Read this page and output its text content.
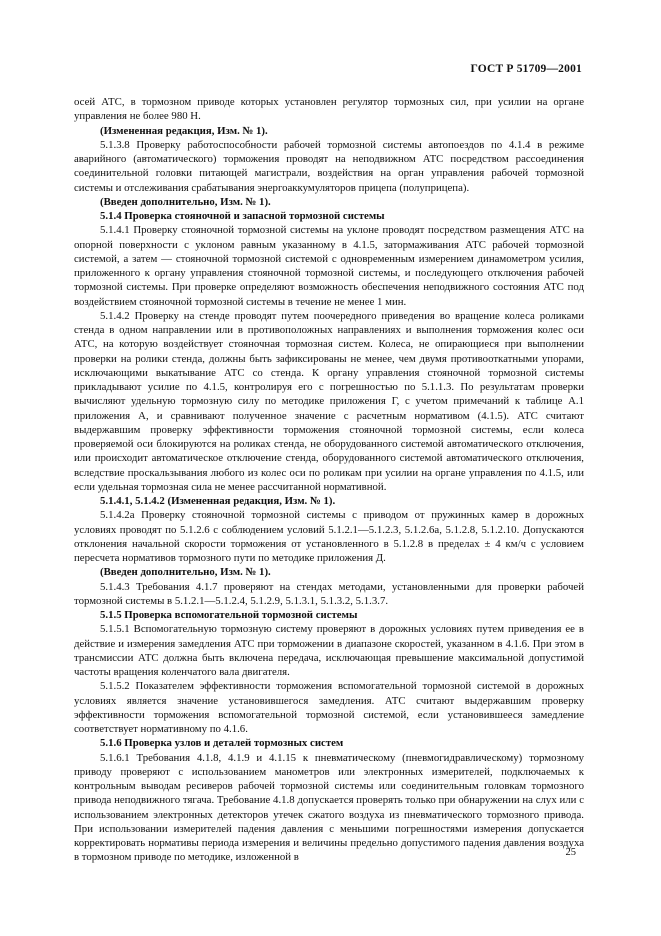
ГОСТ Р 51709—2001

осей АТС, в тормозном приводе которых установлен регулятор тормозных сил, при усилии на органе управления не более 980 Н.

(Измененная редакция, Изм. № 1).

5.1.3.8 Проверку работоспособности рабочей тормозной системы автопоездов по 4.1.4 в режиме аварийного (автоматического) торможения проводят на неподвижном АТС посредством рассоединения соединительной головки питающей магистрали, воздействия на орган управления рабочей тормозной системы и отслеживания срабатывания энергоаккумуляторов прицепа (полуприцепа).

(Введен дополнительно, Изм. № 1).

5.1.4 Проверка стояночной и запасной тормозной системы

5.1.4.1 Проверку стояночной тормозной системы на уклоне проводят посредством размещения АТС на опорной поверхности с уклоном равным указанному в 4.1.5, затормаживания АТС рабочей тормозной системой, а затем — стояночной тормозной системой с одновременным измерением динамометром усилия, приложенного к органу управления стояночной тормозной системы, и последующего отключения рабочей тормозной системы. При проверке определяют возможность обеспечения неподвижного состояния АТС под воздействием стояночной тормозной системы в течение не менее 1 мин.

5.1.4.2 Проверку на стенде проводят путем поочередного приведения во вращение колеса роликами стенда в одном направлении или в противоположных направлениях и выполнения торможения колес оси АТС, на которую воздействует стояночная тормозная систем. Колеса, не опирающиеся при выполнении проверки на ролики стенда, должны быть зафиксированы не менее, чем двумя противооткатными упорами, исключающими выкатывание АТС со стенда. К органу управления стояночной тормозной системы прикладывают усилие по 4.1.5, контролируя его с погрешностью по 5.1.1.3. По результатам проверки вычисляют удельную тормозную силу по методике приложения Г, с учетом примечаний к таблице А.1 приложения А, и сравнивают полученное значение с расчетным нормативом (4.1.5). АТС считают выдержавшим проверку эффективности торможения стояночной тормозной системы, если колеса проверяемой оси блокируются на роликах стенда, не оборудованного системой автоматического отключения, или происходит автоматическое отключение стенда, оборудованного системой автоматического отключения, вследствие проскальзывания любого из колес оси по роликам при усилии на органе управления по 4.1.5, или если удельная тормозная сила не менее рассчитанной нормативной.

5.1.4.1, 5.1.4.2 (Измененная редакция, Изм. № 1).

5.1.4.2а Проверку стояночной тормозной системы с приводом от пружинных камер в дорожных условиях проводят по 5.1.2.6 с соблюдением условий 5.1.2.1—5.1.2.3, 5.1.2.6а, 5.1.2.8, 5.1.2.10. Допускаются отклонения начальной скорости торможения от установленного в 5.1.2.8 в пределах ± 4 км/ч с условием пересчета нормативов тормозного пути по методике приложения Д.

(Введен дополнительно, Изм. № 1).

5.1.4.3 Требования 4.1.7 проверяют на стендах методами, установленными для проверки рабочей тормозной системы в 5.1.2.1—5.1.2.4, 5.1.2.9, 5.1.3.1, 5.1.3.2, 5.1.3.7.

5.1.5 Проверка вспомогательной тормозной системы

5.1.5.1 Вспомогательную тормозную систему проверяют в дорожных условиях путем приведения ее в действие и измерения замедления АТС при торможении в диапазоне скоростей, указанном в 4.1.6. При этом в трансмиссии АТС должна быть включена передача, исключающая превышение максимальной допустимой частоты вращения коленчатого вала двигателя.

5.1.5.2 Показателем эффективности торможения вспомогательной тормозной системой в дорожных условиях является значение установившегося замедления. АТС считают выдержавшим проверку эффективности торможения вспомогательной тормозной системой, если установившееся замедление соответствует нормативному по 4.1.6.

5.1.6 Проверка узлов и деталей тормозных систем

5.1.6.1 Требования 4.1.8, 4.1.9 и 4.1.15 к пневматическому (пневмогидравлическому) тормозному приводу проверяют с использованием манометров или электронных измерителей, подключаемых к контрольным выводам ресиверов рабочей тормозной системы или соединительным головкам тормозного привода неподвижного тягача. Требование 4.1.8 допускается проверять только при обнаружении на слух или с использованием электронных детекторов утечек сжатого воздуха из пневматического тормозного привода. При использовании измерителей падения давления с меньшими погрешностями измерения допускается корректировать нормативы периода измерения и величины предельно допустимого падения давления воздуха в тормозном приводе по методике, изложенной в	25
